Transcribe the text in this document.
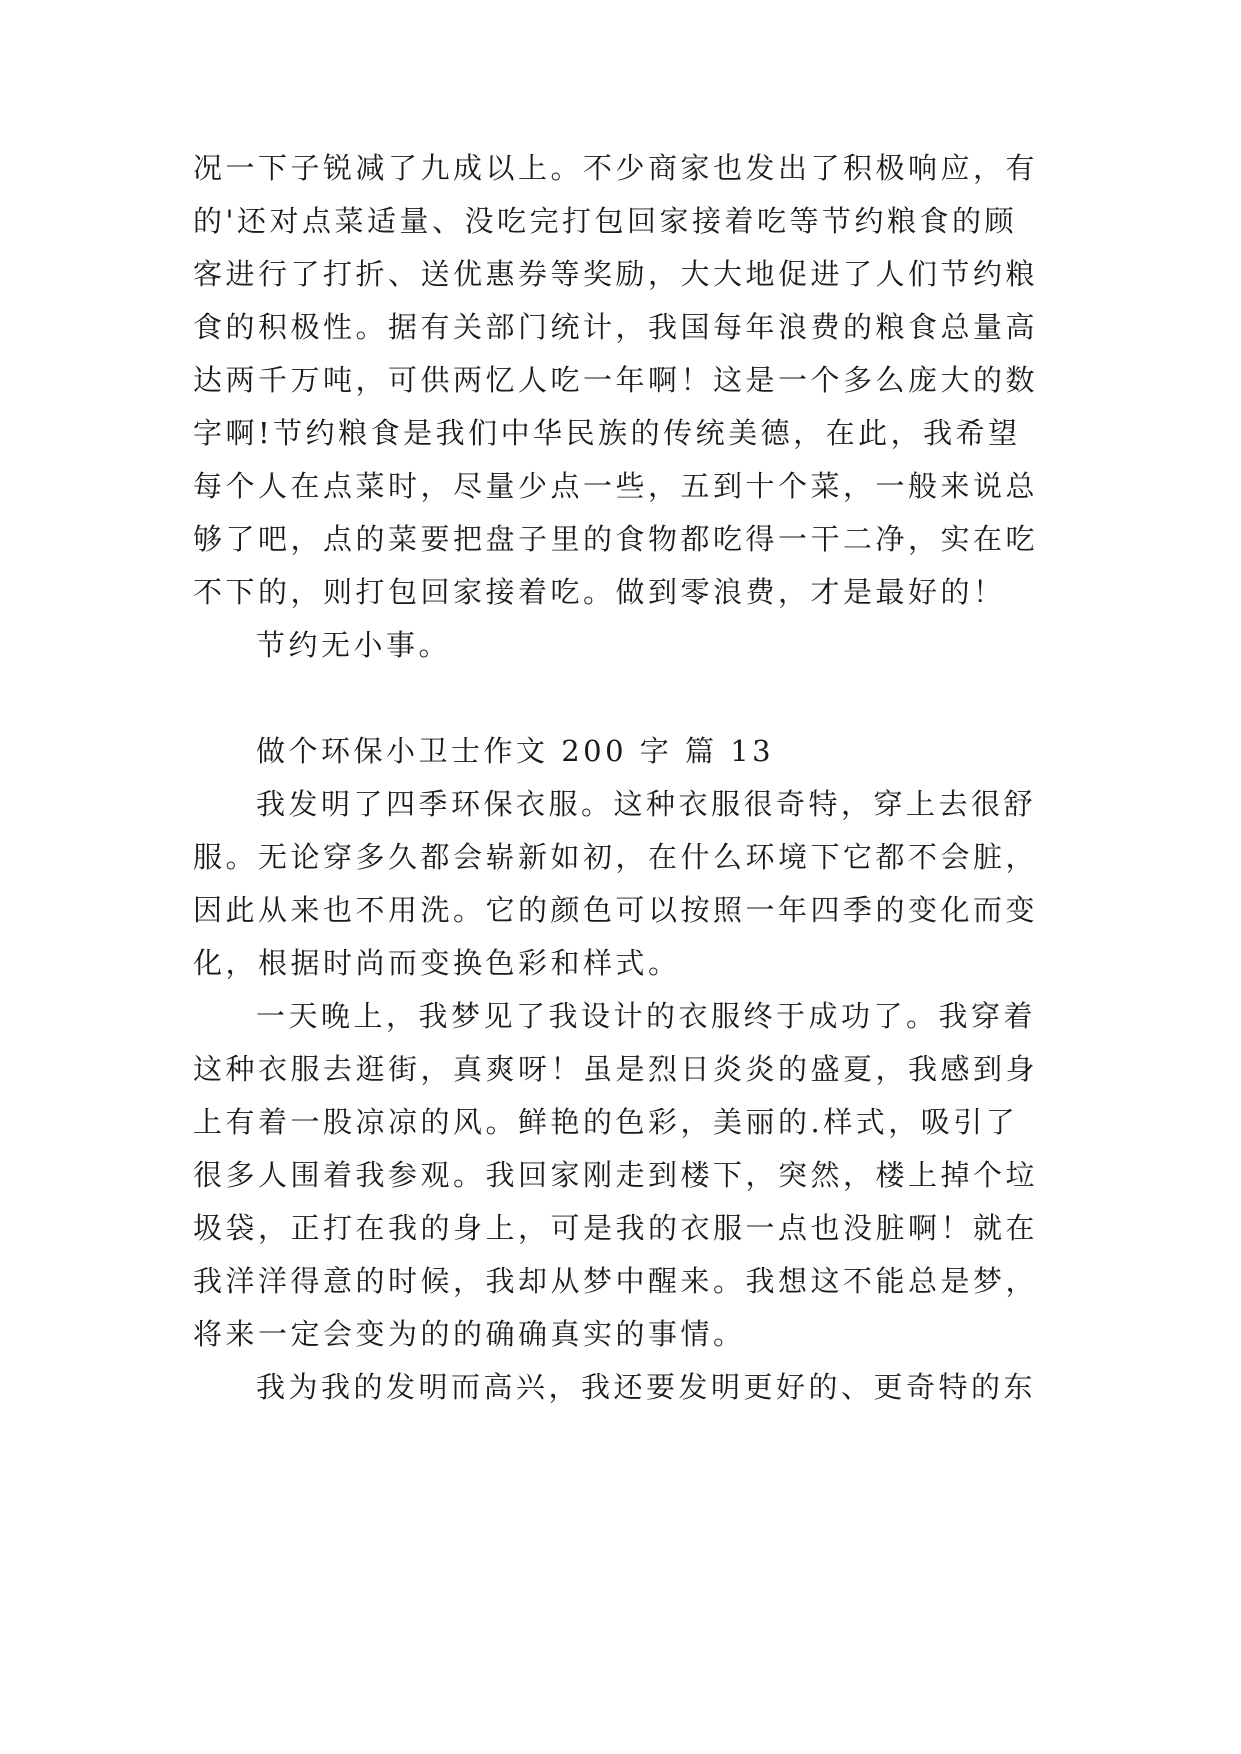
况一下子锐减了九成以上。不少商家也发出了积极响应，有
的'还对点菜适量、没吃完打包回家接着吃等节约粮食的顾
客进行了打折、送优惠券等奖励，大大地促进了人们节约粮
食的积极性。据有关部门统计，我国每年浪费的粮食总量高
达两千万吨，可供两忆人吃一年啊！这是一个多么庞大的数
字啊!节约粮食是我们中华民族的传统美德，在此，我希望
每个人在点菜时，尽量少点一些，五到十个菜，一般来说总
够了吧，点的菜要把盘子里的食物都吃得一干二净，实在吃
不下的，则打包回家接着吃。做到零浪费，才是最好的！
节约无小事。
做个环保小卫士作文 200 字 篇 13
我发明了四季环保衣服。这种衣服很奇特，穿上去很舒
服。无论穿多久都会崭新如初，在什么环境下它都不会脏，
因此从来也不用洗。它的颜色可以按照一年四季的变化而变
化，根据时尚而变换色彩和样式。
一天晚上，我梦见了我设计的衣服终于成功了。我穿着
这种衣服去逛街，真爽呀！虽是烈日炎炎的盛夏，我感到身
上有着一股凉凉的风。鲜艳的色彩，美丽的.样式，吸引了
很多人围着我参观。我回家刚走到楼下，突然，楼上掉个垃
圾袋，正打在我的身上，可是我的衣服一点也没脏啊！就在
我洋洋得意的时候，我却从梦中醒来。我想这不能总是梦，
将来一定会变为的的确确真实的事情。
我为我的发明而高兴，我还要发明更好的、更奇特的东
